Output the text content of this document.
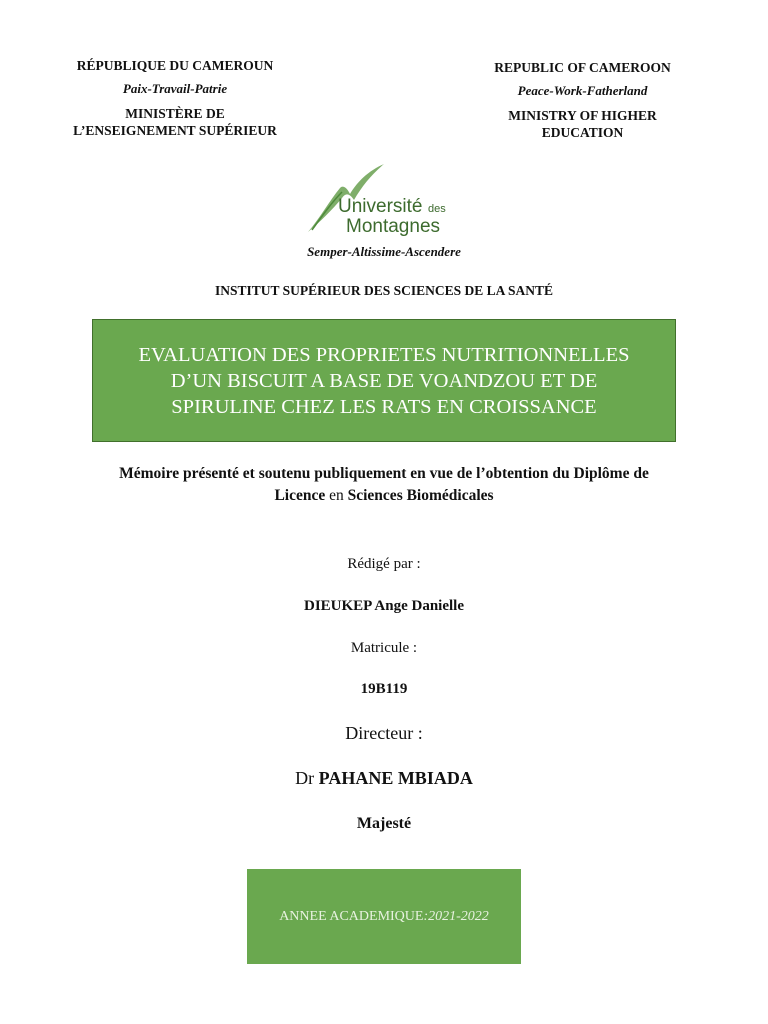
RÉPUBLIQUE DU CAMEROUN
Paix-Travail-Patrie
MINISTÈRE DE
L’ENSEIGNEMENT SUPÉRIEUR
REPUBLIC OF CAMEROON
Peace-Work-Fatherland
MINISTRY OF HIGHER
EDUCATION
Université des
Montagnes
Semper-Altissime-Ascendere
INSTITUT SUPÉRIEUR DES SCIENCES DE LA SANTÉ
EVALUATION DES PROPRIETES NUTRITIONNELLES
D’UN BISCUIT A BASE DE VOANDZOU ET DE
SPIRULINE CHEZ LES RATS EN CROISSANCE
Mémoire présenté et soutenu publiquement en vue de l’obtention du Diplôme de
Licence en Sciences Biomédicales
Rédigé par :
DIEUKEP Ange Danielle
Matricule :
19B119
Directeur :
Dr PAHANE MBIADA
Majesté
ANNEE ACADEMIQUE : 2021-2022
